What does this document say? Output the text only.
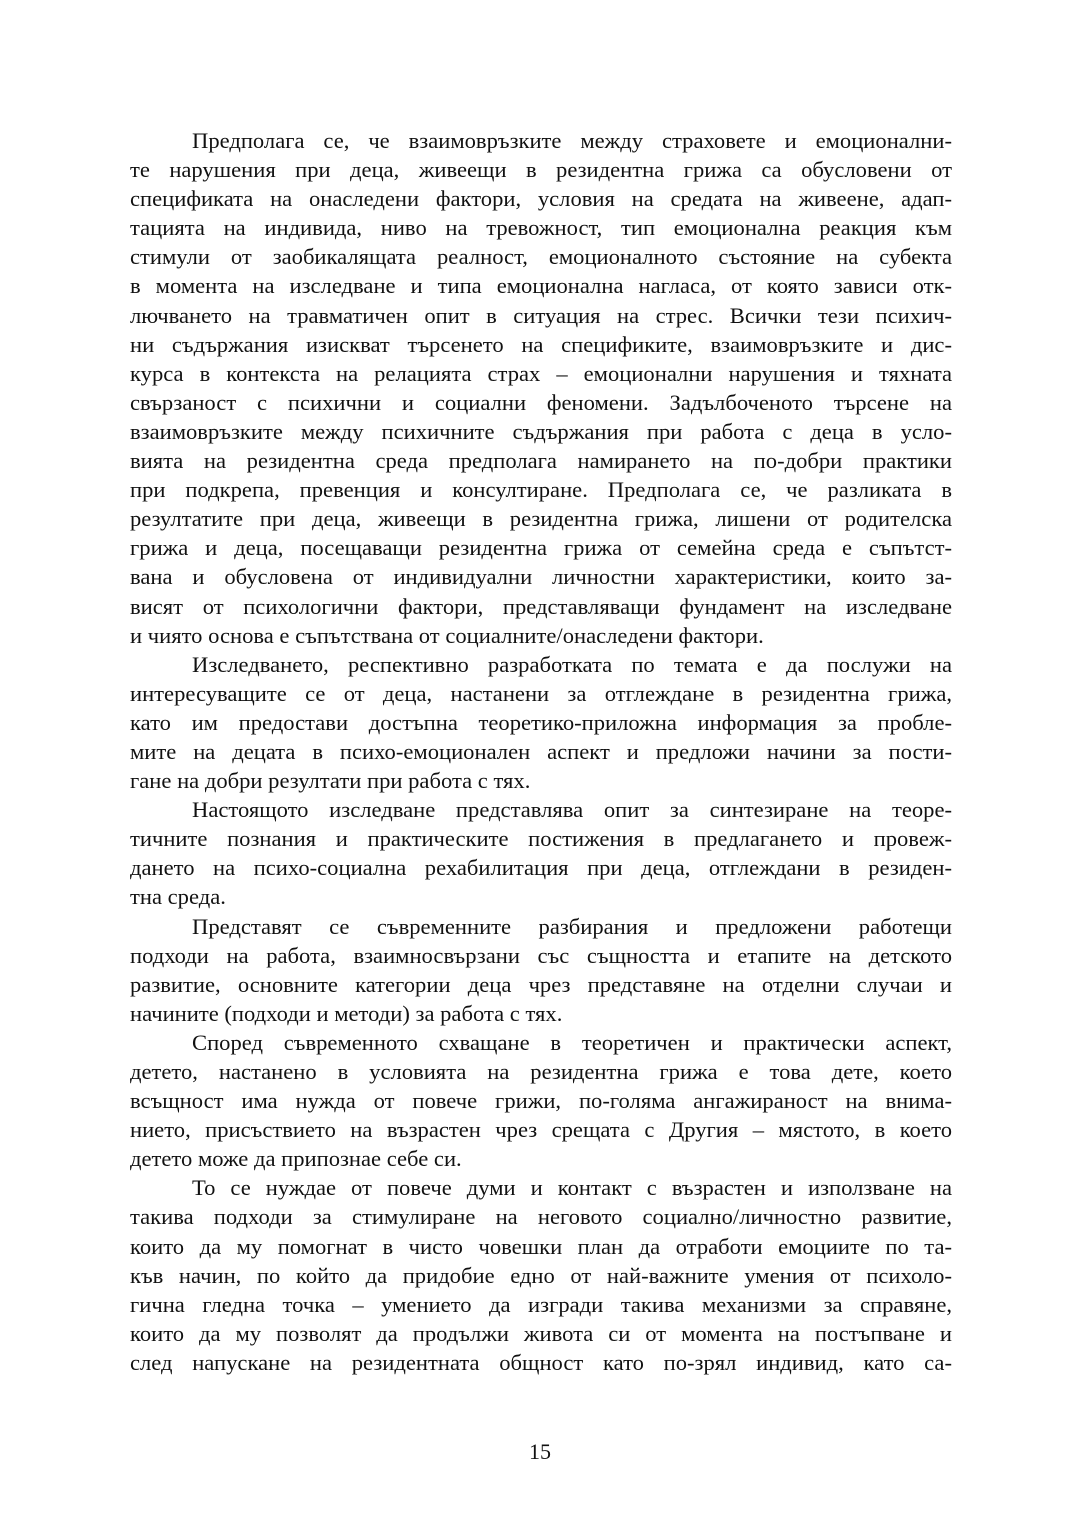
Предполага се, че взаимовръзките между страховете и емоционални-
те нарушения при деца, живеещи в резидентна грижа са обусловени от
спецификата на онаследени фактори, условия на средата на живеене, адап-
тацията на индивида, ниво на тревожност, тип емоционална реакция към
стимули от заобикалящата реалност, емоционалното състояние на субекта
в момента на изследване и типа емоционална нагласа, от която зависи отк-
лючването на травматичен опит в ситуация на стрес. Всички тези психич-
ни съдържания изискват търсенето на спецификите, взаимовръзките и дис-
курса в контекста на релацията страх – емоционални нарушения и тяхната
свързаност с психични и социални феномени. Задълбоченото търсене на
взаимовръзките между психичните съдържания при работа с деца в усло-
вията на резидентна среда предполага намирането на по-добри практики
при подкрепа, превенция и консултиране. Предполага се, че разликата в
резултатите при деца, живеещи в резидентна грижа, лишени от родителска
грижа и деца, посещаващи резидентна грижа от семейна среда е съпътст-
вана и обусловена от индивидуални личностни характеристики, които за-
висят от психологични фактори, представляващи фундамент на изследване
и чиято основа е съпътствана от социалните/онаследени фактори.
Изследването, респективно разработката по темата е да послужи на
интересуващите се от деца, настанени за отглеждане в резидентна грижа,
като им предостави достъпна теоретико-приложна информация за пробле-
мите на децата в психо-емоционален аспект и предложи начини за пости-
гане на добри резултати при работа с тях.
Настоящото изследване представлява опит за синтезиране на теоре-
тичните познания и практическите постижения в предлагането и провеж-
дането на психо-социална рехабилитация при деца, отглеждани в резиден-
тна среда.
Представят се съвременните разбирания и предложени работещи
подходи на работа, взаимносвързани със същността и етапите на детското
развитие, основните категории деца чрез представяне на отделни случаи и
начините (подходи и методи) за работа с тях.
Според съвременното схващане в теоретичен и практически аспект,
детето, настанено в условията на резидентна грижа е това дете, което
всъщност има нужда от повече грижи, по-голяма ангажираност на внима-
нието, присъствието на възрастен чрез срещата с Другия – мястото, в което
детето може да припознае себе си.
То се нуждае от повече думи и контакт с възрастен и използване на
такива подходи за стимулиране на неговото социално/личностно развитие,
които да му помогнат в чисто човешки план да отработи емоциите по та-
къв начин, по който да придобие едно от най-важните умения от психоло-
гична гледна точка – умението да изгради такива механизми за справяне,
които да му позволят да продължи живота си от момента на постъпване и
след напускане на резидентната общност като по-зрял индивид, като са-
15
